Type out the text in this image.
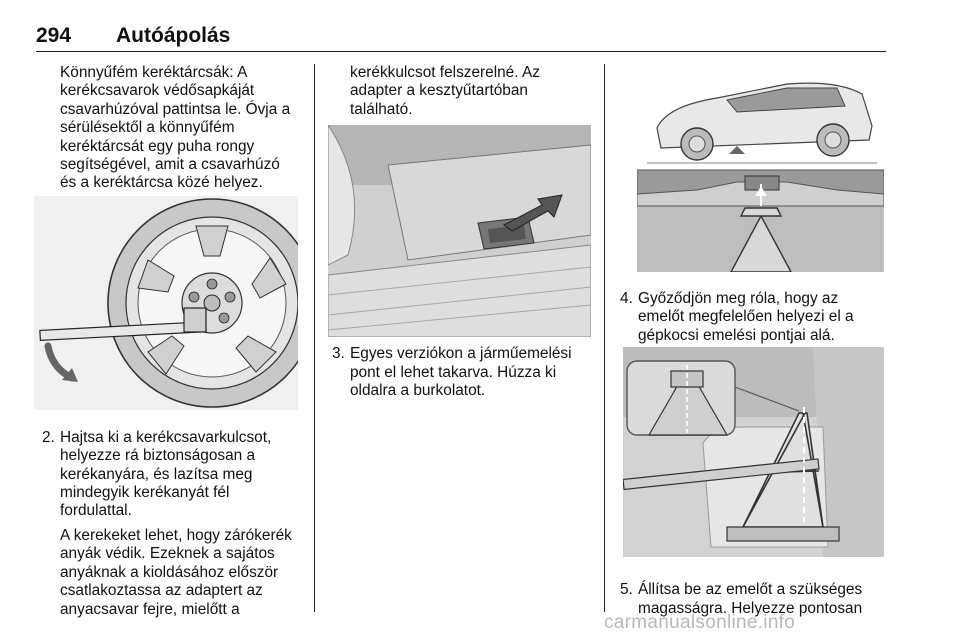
294 Autóápolás

Könnyűfém keréktárcsák: A

kerékcsavarok védősapkáját

csavarhúzóval pattintsa le. Óvja a

sérülésektől a könnyűfém

keréktárcsát egy puha rongy

segítségével, amit a csavarhúzó

és a keréktárcsa közé helyez.

2. Hajtsa ki a kerékcsavarkulcsot,

helyezze rá biztonságosan a

kerékanyára, és lazítsa meg

mindegyik kerékanyát fél

fordulattal.

A kerekeket lehet, hogy zárókerék

anyák védik. Ezeknek a sajátos

anyáknak a kioldásához először

csatlakoztassa az adaptert az

anyacsavar fejre, mielőtt a

kerékkulcsot felszerelné. Az

adapter a kesztyűtartóban

található.

3. Egyes verziókon a járműemelési

pont el lehet takarva. Húzza ki

oldalra a burkolatot.

4. Győződjön meg róla, hogy az

emelőt megfelelően helyezi el a

gépkocsi emelési pontjai alá.

5. Állítsa be az emelőt a szükséges

magasságra. Helyezze pontosan

carmanualsonline.info
